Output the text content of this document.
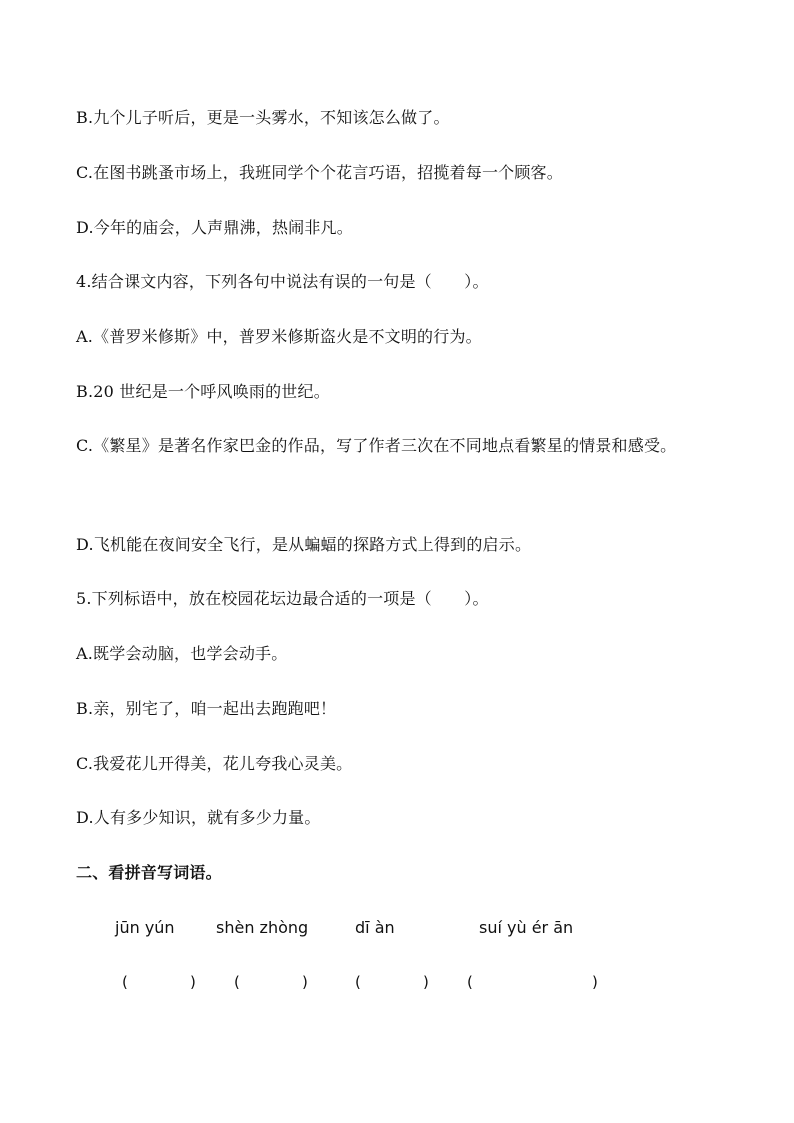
B.九个儿子听后，更是一头雾水，不知该怎么做了。
C.在图书跳蚤市场上，我班同学个个花言巧语，招揽着每一个顾客。
D.今年的庙会，人声鼎沸，热闹非凡。
4.结合课文内容，下列各句中说法有误的一句是（　　）。
A.《普罗米修斯》中，普罗米修斯盗火是不文明的行为。
B.20 世纪是一个呼风唤雨的世纪。
C.《繁星》是著名作家巴金的作品，写了作者三次在不同地点看繁星的情景和感受。
D.飞机能在夜间安全飞行，是从蝙蝠的探路方式上得到的启示。
5.下列标语中，放在校园花坛边最合适的一项是（　　）。
A.既学会动脑，也学会动手。
B.亲，别宅了，咱一起出去跑跑吧！
C.我爱花儿开得美，花儿夸我心灵美。
D.人有多少知识，就有多少力量。
二、看拼音写词语。
jūn yún	shèn zhòng	dī àn	suí yù ér ān
(	)	(	)	(	)	(	)
